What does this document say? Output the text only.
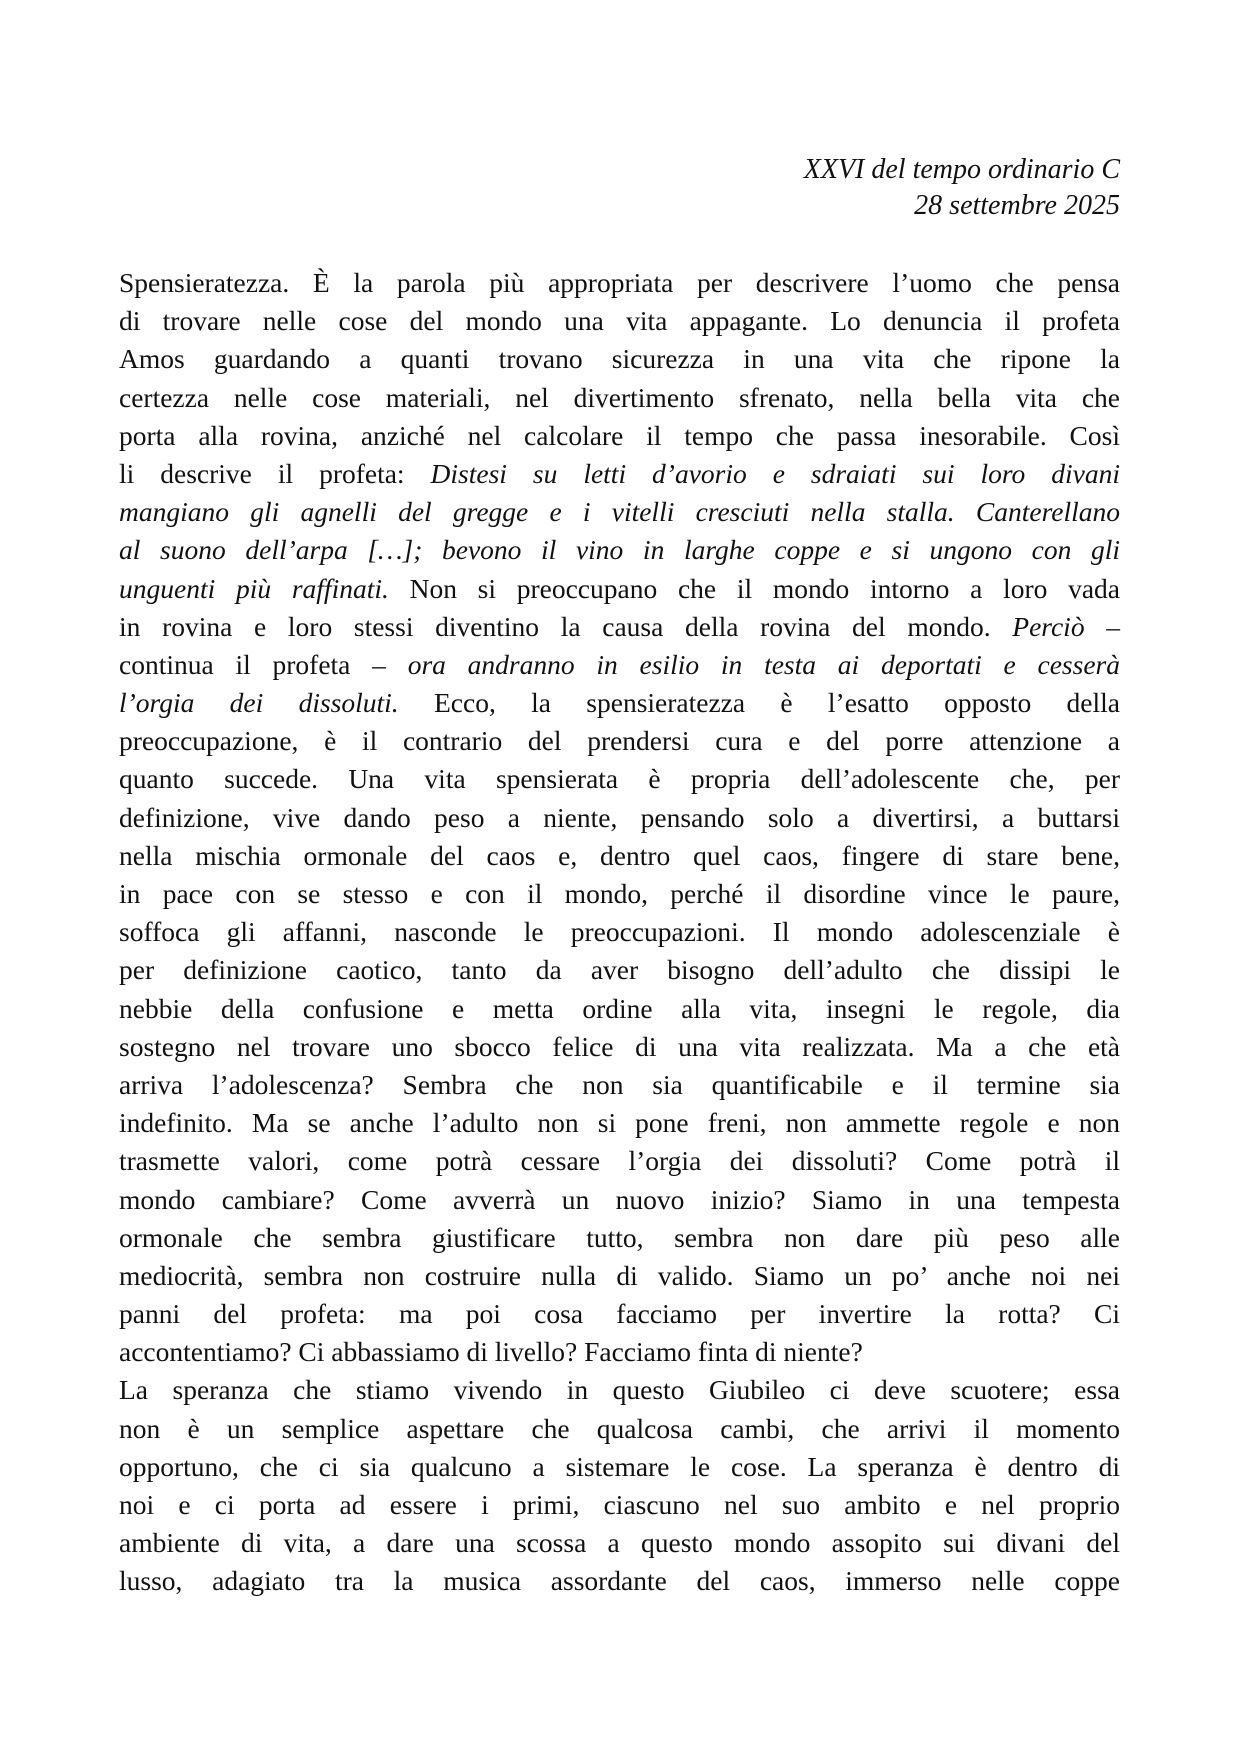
XXVI del tempo ordinario C
28 settembre 2025
Spensieratezza. È la parola più appropriata per descrivere l’uomo che pensa
di trovare nelle cose del mondo una vita appagante. Lo denuncia il profeta
Amos guardando a quanti trovano sicurezza in una vita che ripone la
certezza nelle cose materiali, nel divertimento sfrenato, nella bella vita che
porta alla rovina, anziché nel calcolare il tempo che passa inesorabile. Così
li descrive il profeta: Distesi su letti d’avorio e sdraiati sui loro divani
mangiano gli agnelli del gregge e i vitelli cresciuti nella stalla. Canterellano
al suono dell’arpa […]; bevono il vino in larghe coppe e si ungono con gli
unguenti più raffinati. Non si preoccupano che il mondo intorno a loro vada
in rovina e loro stessi diventino la causa della rovina del mondo. Perciò –
continua il profeta – ora andranno in esilio in testa ai deportati e cesserà
l’orgia dei dissoluti. Ecco, la spensieratezza è l’esatto opposto della
preoccupazione, è il contrario del prendersi cura e del porre attenzione a
quanto succede. Una vita spensierata è propria dell’adolescente che, per
definizione, vive dando peso a niente, pensando solo a divertirsi, a buttarsi
nella mischia ormonale del caos e, dentro quel caos, fingere di stare bene,
in pace con se stesso e con il mondo, perché il disordine vince le paure,
soffoca gli affanni, nasconde le preoccupazioni. Il mondo adolescenziale è
per definizione caotico, tanto da aver bisogno dell’adulto che dissipi le
nebbie della confusione e metta ordine alla vita, insegni le regole, dia
sostegno nel trovare uno sbocco felice di una vita realizzata. Ma a che età
arriva l’adolescenza? Sembra che non sia quantificabile e il termine sia
indefinito. Ma se anche l’adulto non si pone freni, non ammette regole e non
trasmette valori, come potrà cessare l’orgia dei dissoluti? Come potrà il
mondo cambiare? Come avverrà un nuovo inizio? Siamo in una tempesta
ormonale che sembra giustificare tutto, sembra non dare più peso alle
mediocrità, sembra non costruire nulla di valido. Siamo un po’ anche noi nei
panni del profeta: ma poi cosa facciamo per invertire la rotta? Ci
accontentiamo? Ci abbassiamo di livello? Facciamo finta di niente?
La speranza che stiamo vivendo in questo Giubileo ci deve scuotere; essa
non è un semplice aspettare che qualcosa cambi, che arrivi il momento
opportuno, che ci sia qualcuno a sistemare le cose. La speranza è dentro di
noi e ci porta ad essere i primi, ciascuno nel suo ambito e nel proprio
ambiente di vita, a dare una scossa a questo mondo assopito sui divani del
lusso, adagiato tra la musica assordante del caos, immerso nelle coppe
